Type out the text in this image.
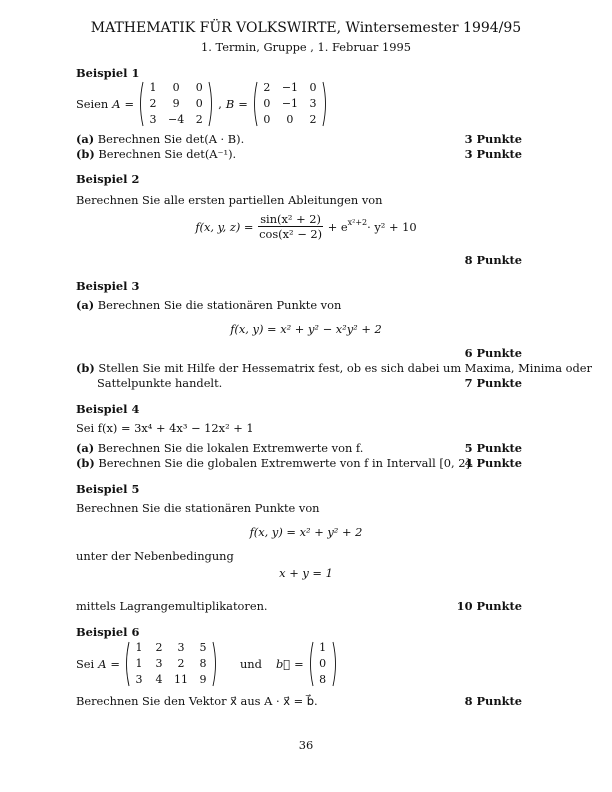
MATHEMATIK FÜR VOLKSWIRTE, Wintersemester 1994/95
1. Termin, Gruppe , 1. Februar 1995
Beispiel 1
Seien A =
1	0	0
2	9	0
3 −4 2
, B =
2 −1 0
0 −1 3
0	0	2
(a) Berechnen Sie det(A · B).	3 Punkte
(b) Berechnen Sie det(A⁻¹).	3 Punkte
Beispiel 2
Berechnen Sie alle ersten partiellen Ableitungen von
f(x, y, z) =
$\frac{\text{sin(x² + 2)}}{\text{cos(x² − 2)}}$
+ $e^{x^2+2} \cdot y^2 + 10$
8 Punkte
Beispiel 3
(a) Berechnen Sie die stationären Punkte von
f(x, y) = x² + y² − x²y² + 2
6 Punkte
(b) Stellen Sie mit Hilfe der Hessematrix fest, ob es sich dabei um Maxima, Minima oder
Sattelpunkte handelt.	7 Punkte
Beispiel 4
Sei f(x) = 3x⁴ + 4x³ − 12x² + 1
(a) Berechnen Sie die lokalen Extremwerte von f.	5 Punkte
(b) Berechnen Sie die globalen Extremwerte von f in Intervall [0, 2].
4 Punkte
Beispiel 5
Berechnen Sie die stationären Punkte von
f(x, y) = x² + y² + 2
unter der Nebenbedingung
x + y = 1
mittels Lagrangemultiplikatoren.	10 Punkte
Beispiel 6
Sei A =
1 2	3	5
1 3	2	8
3 4 11 9
und b⃗ =
1
0
8
Berechnen Sie den Vektor x⃗ aus A · x⃗ = b⃗.	8 Punkte
36
